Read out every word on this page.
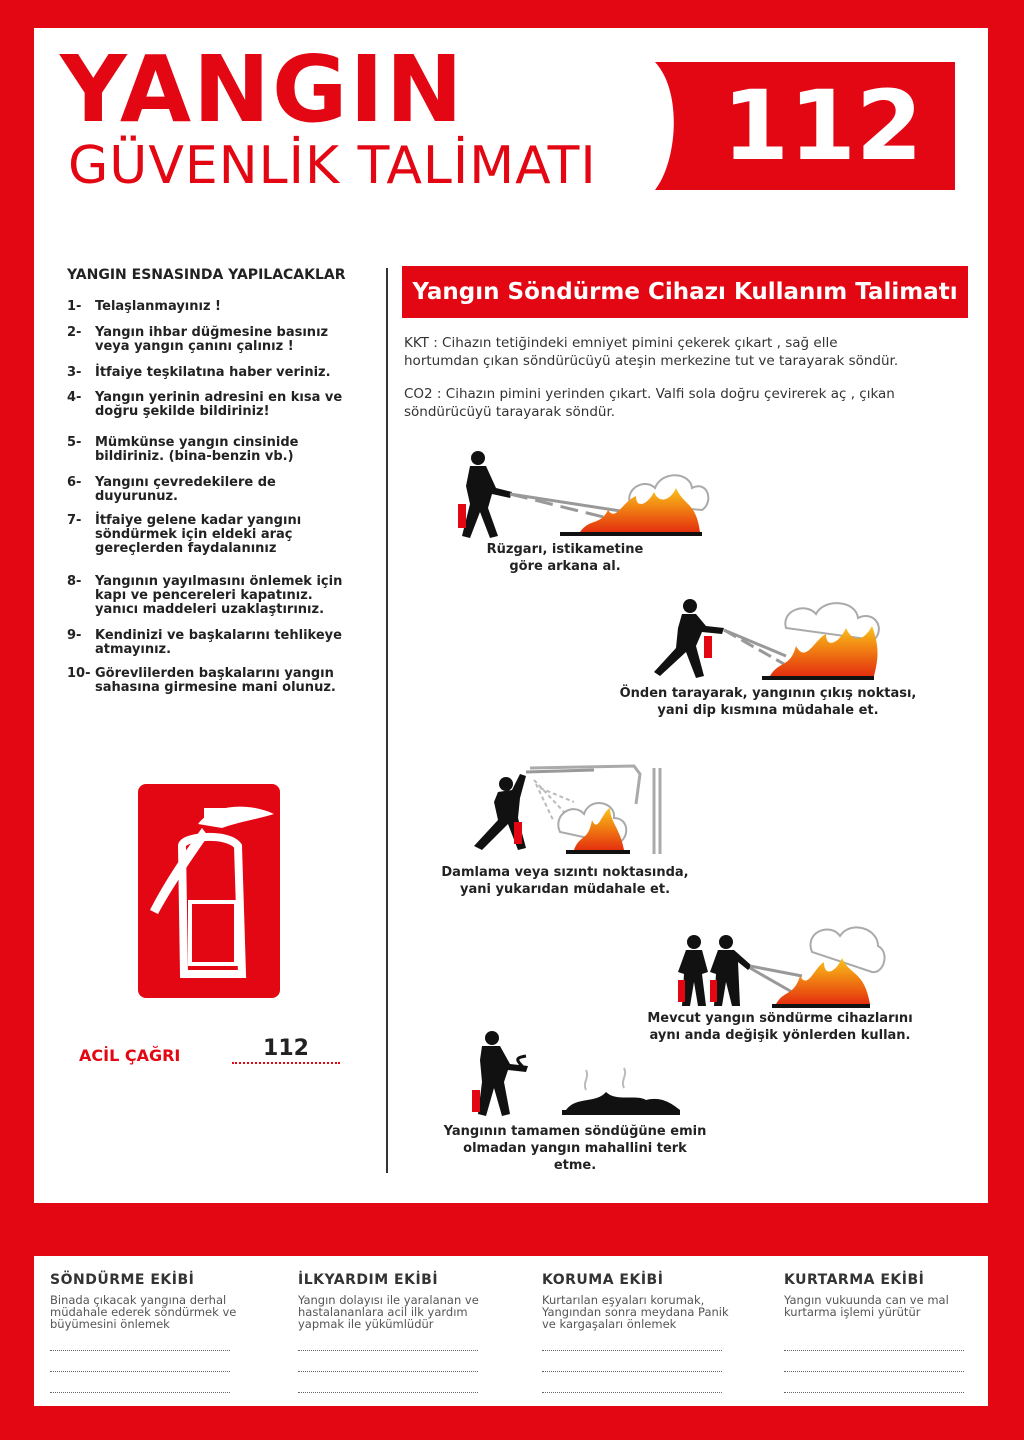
YANGIN
GÜVENLİK TALİMATI 112
YANGIN ESNASINDA YAPILACAKLAR
1- Telaşlanmayınız !
2- Yangın ihbar düğmesine basınız veya yangın çanını çalınız !
3- İtfaiye teşkilatına haber veriniz.
4- Yangın yerinin adresini en kısa ve doğru şekilde bildiriniz!
5- Mümkünse yangın cinsinide bildiriniz. (bina-benzin vb.)
6- Yangını çevredekilere de duyurunuz.
7- İtfaiye gelene kadar yangını söndürmek için eldeki araç gereçlerden faydalanınız
8- Yangının yayılmasını önlemek için kapı ve pencereleri kapatınız. yanıcı maddeleri uzaklaştırınız.
9- Kendinizi ve başkalarını tehlikeye atmayınız.
10- Görevlilerden başkalarını yangın sahasına girmesine mani olunuz.
ACİL ÇAĞRI	112
Yangın Söndürme Cihazı Kullanım Talimatı
KKT : Cihazın tetiğindeki emniyet pimini çekerek çıkart , sağ elle hortumdan çıkan söndürücüyü ateşin merkezine tut ve tarayarak söndür.
CO2 : Cihazın pimini yerinden çıkart. Valfi sola doğru çevirerek aç , çıkan söndürücüyü tarayarak söndür.
Rüzgarı, istikametine
göre arkana al.
Önden tarayarak, yangının çıkış noktası,
yani dip kısmına müdahale et.
Damlama veya sızıntı noktasında,
yani yukarıdan müdahale et.
Mevcut yangın söndürme cihazlarını
aynı anda değişik yönlerden kullan.
Yangının tamamen söndüğüne emin
olmadan yangın mahallini terk etme.
SÖNDÜRME EKİBİ
Binada çıkacak yangına derhal müdahale ederek söndürmek ve büyümesini önlemek
İLKYARDIM EKİBİ
Yangın dolayısı ile yaralanan ve hastalananlara acil ilk yardım yapmak ile yükümlüdür
KORUMA EKİBİ
Kurtarılan eşyaları korumak, Yangından sonra meydana Panik ve kargaşaları önlemek
KURTARMA EKİBİ
Yangın vukuunda can ve mal kurtarma işlemi yürütür
